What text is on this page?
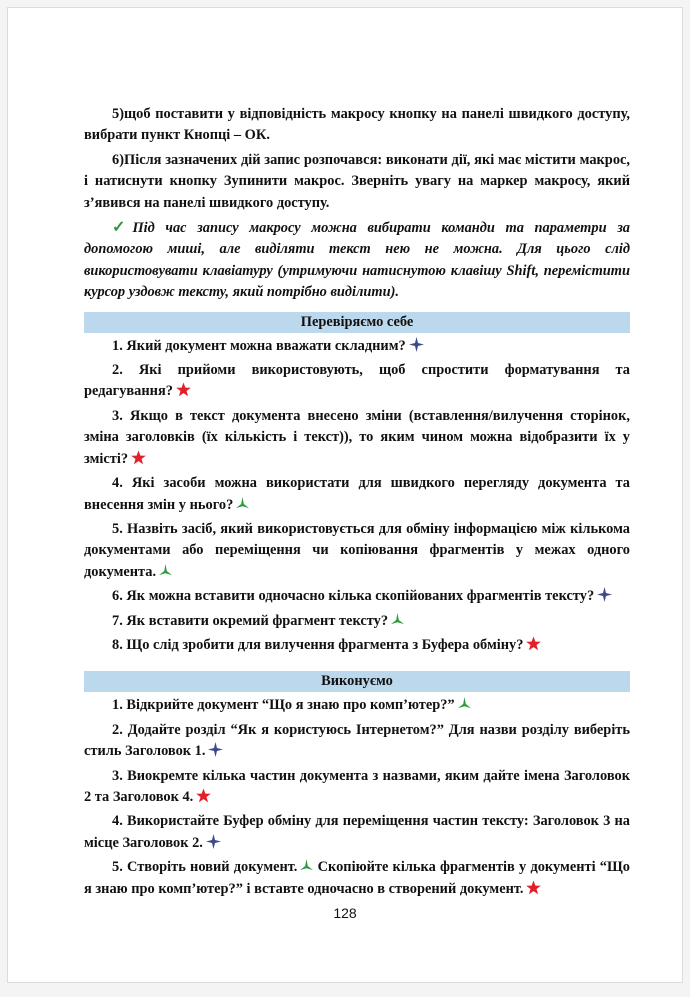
5)щоб поставити у відповідність макросу кнопку на панелі швидкого доступу, вибрати пункт Кнопці – ОК.

6)Після зазначених дій запис розпочався: виконати дії, які має містити макрос, і натиснути кнопку Зупинити макрос. Зверніть увагу на маркер макросу, який з’явився на панелі швидкого доступу.

✓Під час запису макросу можна вибирати команди та параметри за допомогою миші, але виділяти текст нею не можна. Для цього слід використовувати клавіатуру (утримуючи натиснутою клавішу Shift, перемістити курсор уздовж тексту, який потрібно виділити).

Перевіряємо себе

1. Який документ можна вважати складним?

2. Які прийоми використовують, щоб спростити форматування та редагування?

3. Якщо в текст документа внесено зміни (вставлення/вилучення сторінок, зміна заголовків (їх кількість і текст)), то яким чином можна відобразити їх у змісті?

4. Які засоби можна використати для швидкого перегляду документа та внесення змін у нього?

5. Назвіть засіб, який використовується для обміну інформацією між кількома документами або переміщення чи копіювання фрагментів у межах одного документа.

6. Як можна вставити одночасно кілька скопійованих фрагментів тексту?

7. Як вставити окремий фрагмент тексту?

8. Що слід зробити для вилучення фрагмента з Буфера обміну?

Виконуємо

1. Відкрийте документ “Що я знаю про комп’ютер?”

2. Додайте розділ “Як я користуюсь Інтернетом?” Для назви розділу виберіть стиль Заголовок 1.

3. Виокремте кілька частин документа з назвами, яким дайте імена Заголовок 2 та Заголовок 4.

4. Використайте Буфер обміну для переміщення частин тексту: Заголовок 3 на місце Заголовок 2.

5. Створіть новий документ. Скопіюйте кілька фрагментів у документі “Що я знаю про комп’ютер?” і вставте одночасно в створений документ.

128
